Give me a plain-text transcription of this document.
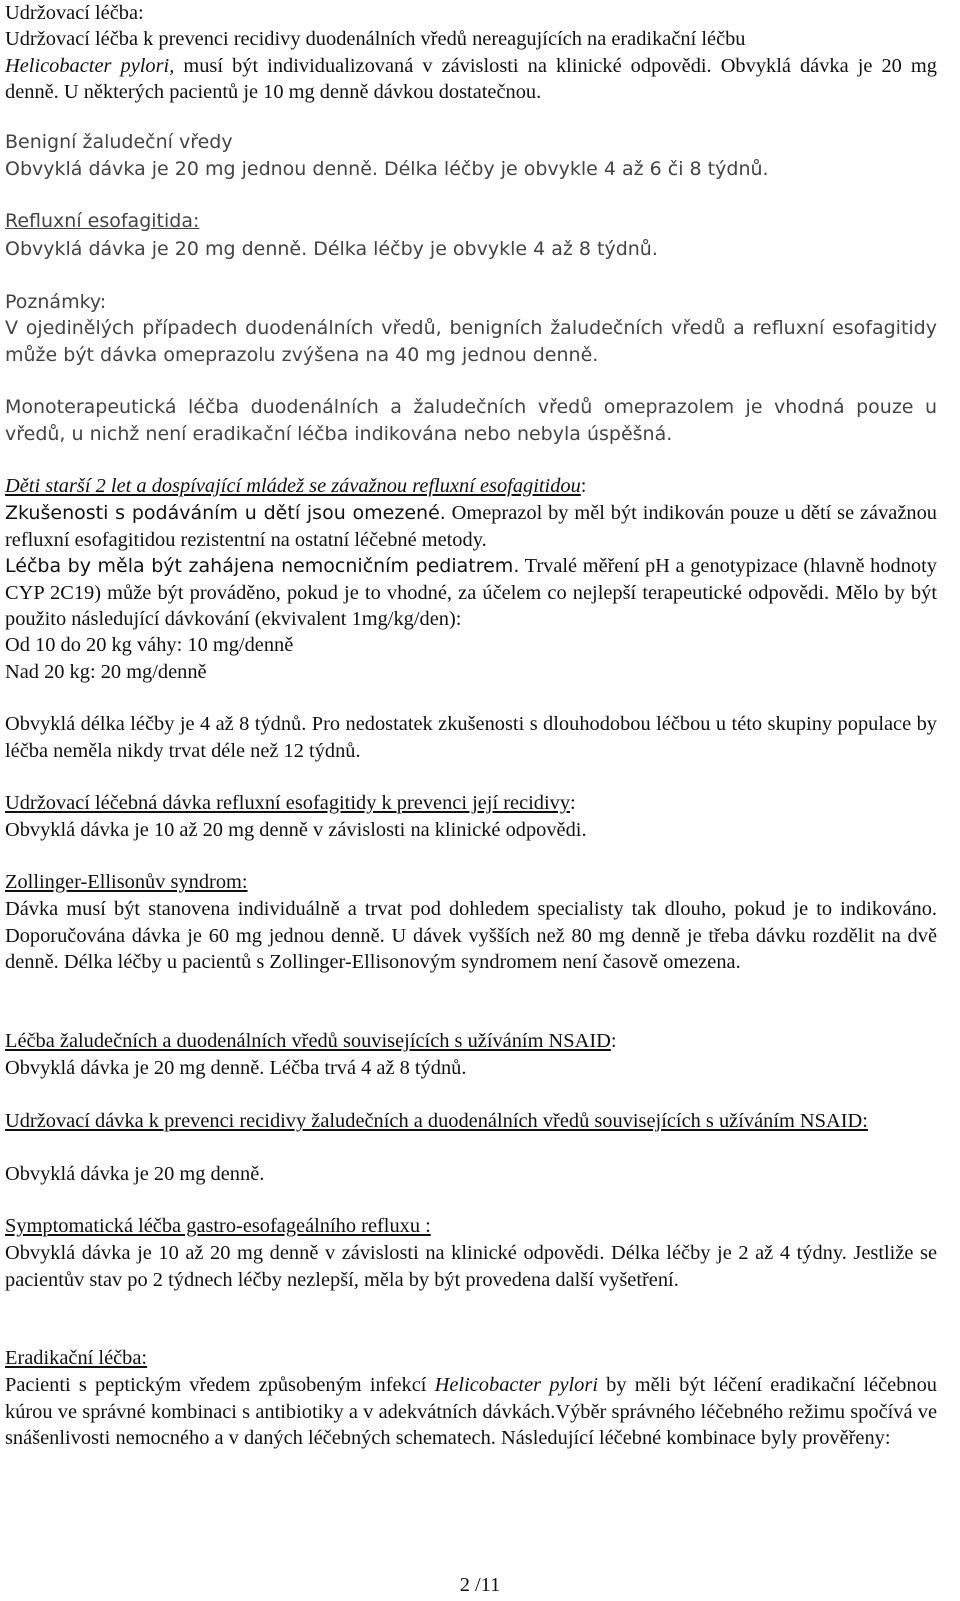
Udržovací léčba:

Udržovací léčba k prevenci recidivy duodenálních vředů nereagujících na eradikační léčbu
Helicobacter pylori, musí být individualizovaná v závislosti na klinické odpovědi. Obvyklá dávka je 20 mg denně. U některých pacientů je 10 mg denně dávkou dostatečnou.

Benigní žaludeční vředy

Obvyklá dávka je 20 mg jednou denně. Délka léčby je obvykle 4 až 6 či 8 týdnů.

Refluxní esofagitida:

Obvyklá dávka je 20 mg denně. Délka léčby je obvykle 4 až 8 týdnů.

Poznámky:

V ojedinělých případech duodenálních vředů, benigních žaludečních vředů a refluxní esofagitidy může být dávka omeprazolu zvýšena na 40 mg jednou denně.

Monoterapeutická léčba duodenálních a žaludečních vředů omeprazolem je vhodná pouze u

vředů, u nichž není eradikační léčba indikována nebo nebyla úspěšná.

Děti starší 2 let a dospívající mládež se závažnou refluxní esofagitidou:

Zkušenosti s podáváním u dětí jsou omezené. Omeprazol by měl být indikován pouze u dětí se závažnou refluxní esofagitidou rezistentní na ostatní léčebné metody.

Léčba by měla být zahájena nemocničním pediatrem. Trvalé měření pH a genotypizace (hlavně hodnoty CYP 2C19) může být prováděno, pokud je to vhodné, za účelem co nejlepší terapeutické odpovědi. Mělo by být použito následující dávkování (ekvivalent 1mg/kg/den):

Od 10 do 20 kg váhy: 10 mg/denně

Nad 20 kg: 20 mg/denně

Obvyklá délka léčby je 4 až 8 týdnů. Pro nedostatek zkušenosti s dlouhodobou léčbou u této skupiny populace by léčba neměla nikdy trvat déle než 12 týdnů.

Udržovací léčebná dávka refluxní esofagitidy k prevenci její recidivy:

Obvyklá dávka je 10 až 20 mg denně v závislosti na klinické odpovědi.

Zollinger-Ellisonův syndrom:

Dávka musí být stanovena individuálně a trvat pod dohledem specialisty tak dlouho, pokud je to indikováno. Doporučována dávka je 60 mg jednou denně. U dávek vyšších než 80 mg denně je třeba dávku rozdělit na dvě denně. Délka léčby u pacientů s Zollinger-Ellisonovým syndromem není časově omezena.

Léčba žaludečních a duodenálních vředů souvisejících s užíváním NSAID:

Obvyklá dávka je 20 mg denně. Léčba trvá 4 až 8 týdnů.

Udržovací dávka k prevenci recidivy žaludečních a duodenálních vředů souvisejících s užíváním NSAID:

Obvyklá dávka je 20 mg denně.

Symptomatická léčba gastro-esofageálního refluxu :

Obvyklá dávka je 10 až 20 mg denně v závislosti na klinické odpovědi. Délka léčby je 2 až 4 týdny. Jestliže se pacientův stav po 2 týdnech léčby nezlepší, měla by být provedena další vyšetření.

Eradikační léčba:

Pacienti s peptickým vředem způsobeným infekcí Helicobacter pylori by měli být léčení eradikační léčebnou kúrou ve správné kombinaci s antibiotiky a v adekvátních dávkách.Výběr správného léčebného režimu spočívá ve snášenlivosti nemocného a v daných léčebných schematech. Následující léčebné kombinace byly prověřeny:

2 /11
